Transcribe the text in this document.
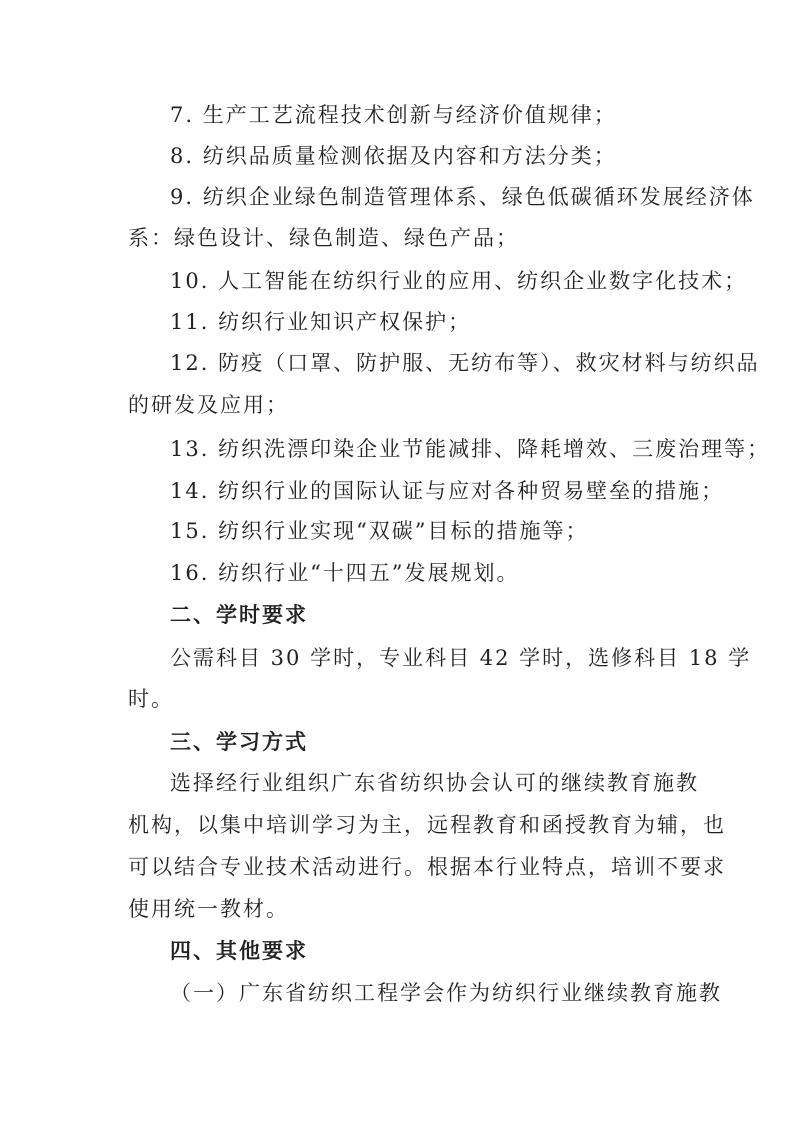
7. 生产工艺流程技术创新与经济价值规律；
8. 纺织品质量检测依据及内容和方法分类；
9. 纺织企业绿色制造管理体系、绿色低碳循环发展经济体
系：绿色设计、绿色制造、绿色产品；
10. 人工智能在纺织行业的应用、纺织企业数字化技术；
11. 纺织行业知识产权保护；
12. 防疫（口罩、防护服、无纺布等）、救灾材料与纺织品
的研发及应用；
13. 纺织洗漂印染企业节能减排、降耗增效、三废治理等；
14. 纺织行业的国际认证与应对各种贸易壁垒的措施；
15. 纺织行业实现“双碳”目标的措施等；
16. 纺织行业“十四五”发展规划。
二、学时要求
公需科目 30 学时，专业科目 42 学时，选修科目 18 学
时。
三、学习方式
选择经行业组织广东省纺织协会认可的继续教育施教
机构，以集中培训学习为主，远程教育和函授教育为辅，也
可以结合专业技术活动进行。根据本行业特点，培训不要求
使用统一教材。
四、其他要求
（一）广东省纺织工程学会作为纺织行业继续教育施教
